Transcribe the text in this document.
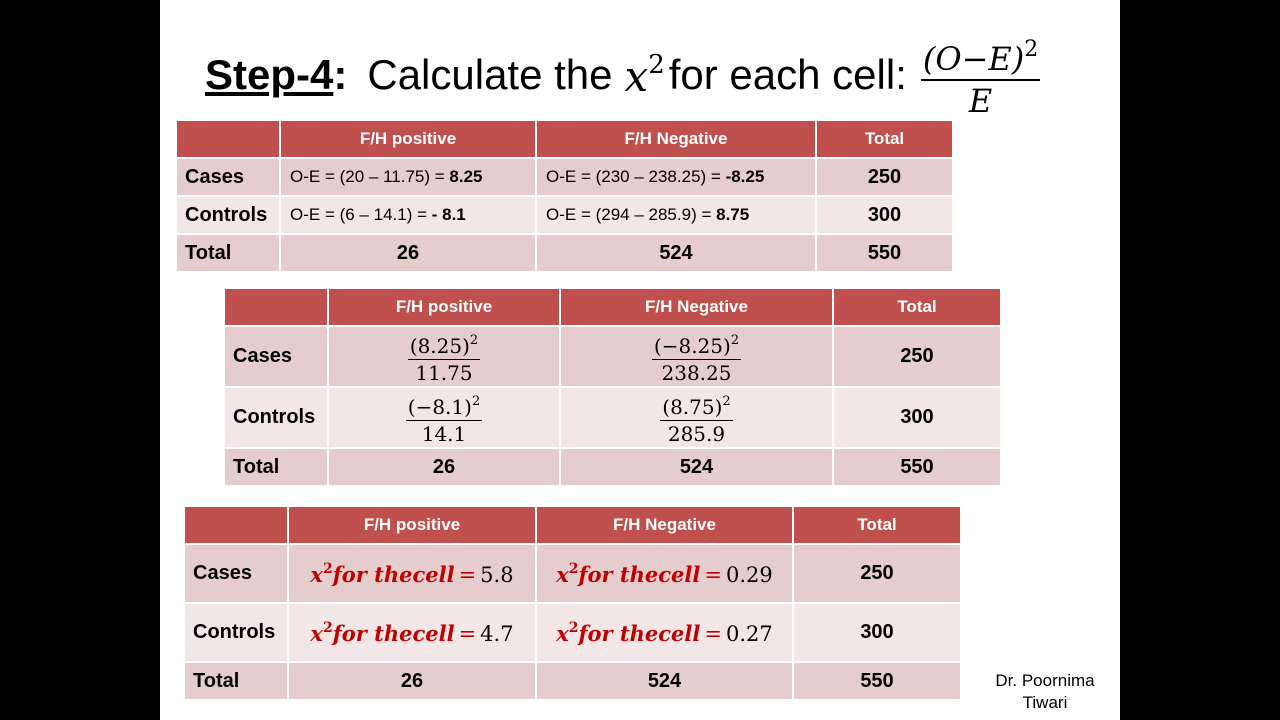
Step-4 : Calculate the $x^2$ for each cell: $\frac{(O-E)^2}{E}$
	F/H positive	F/H Negative	Total
Cases	O-E = (20 – 11.75) = 8.25	O-E = (230 – 238.25) = -8.25	250
Controls	O-E = (6 – 14.1) = - 8.1	O-E = (294 – 285.9) = 8.75	300
Total	26	524	550
	F/H positive	F/H Negative	Total
Cases	$\frac{(8.25)^2}{11.75}$	$\frac{(-8.25)^2}{238.25}$	250
Controls	$\frac{(-8.1)^2}{14.1}$	$\frac{(8.75)^2}{285.9}$	300
Total	26	524	550
	F/H positive	F/H Negative	Total
Cases	$x^2for$ thecell = 5.8	$x^2for$ thecell = 0.29	250
Controls	$x^2for$ thecell = 4.7	$x^2for$ thecell = 0.27	300
Total	26	524	550	Dr. Poornima
Tiwari
